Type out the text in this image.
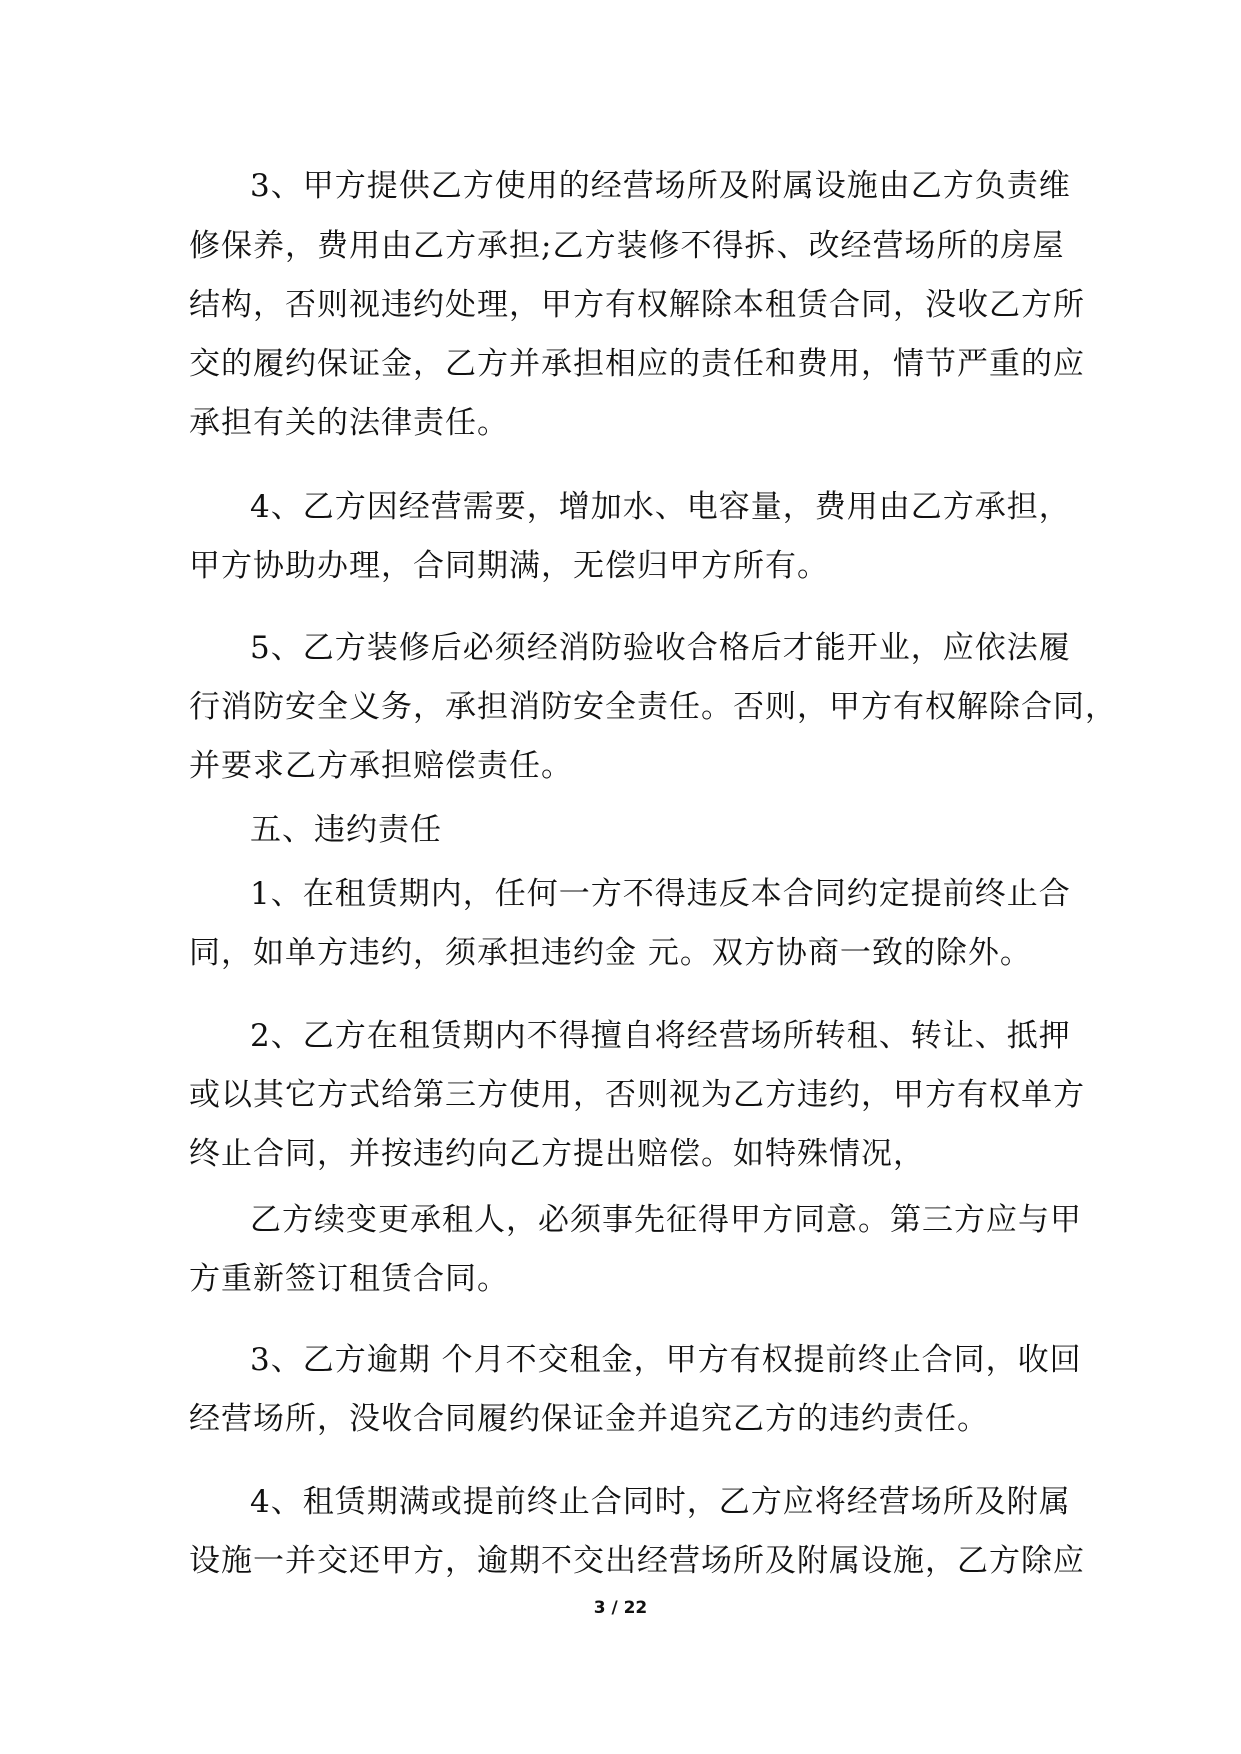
3、甲方提供乙方使用的经营场所及附属设施由乙方负责维
修保养，费用由乙方承担;乙方装修不得拆、改经营场所的房屋
结构，否则视违约处理，甲方有权解除本租赁合同，没收乙方所
交的履约保证金，乙方并承担相应的责任和费用，情节严重的应
承担有关的法律责任。
4、乙方因经营需要，增加水、电容量，费用由乙方承担，
甲方协助办理，合同期满，无偿归甲方所有。
5、乙方装修后必须经消防验收合格后才能开业，应依法履
行消防安全义务，承担消防安全责任。否则，甲方有权解除合同，
并要求乙方承担赔偿责任。
五、违约责任
1、在租赁期内，任何一方不得违反本合同约定提前终止合
同，如单方违约，须承担违约金 元。双方协商一致的除外。
2、乙方在租赁期内不得擅自将经营场所转租、转让、抵押
或以其它方式给第三方使用，否则视为乙方违约，甲方有权单方
终止合同，并按违约向乙方提出赔偿。如特殊情况，
乙方续变更承租人，必须事先征得甲方同意。第三方应与甲
方重新签订租赁合同。
3、乙方逾期 个月不交租金，甲方有权提前终止合同，收回
经营场所，没收合同履约保证金并追究乙方的违约责任。
4、租赁期满或提前终止合同时，乙方应将经营场所及附属
设施一并交还甲方，逾期不交出经营场所及附属设施，乙方除应
3 / 22
